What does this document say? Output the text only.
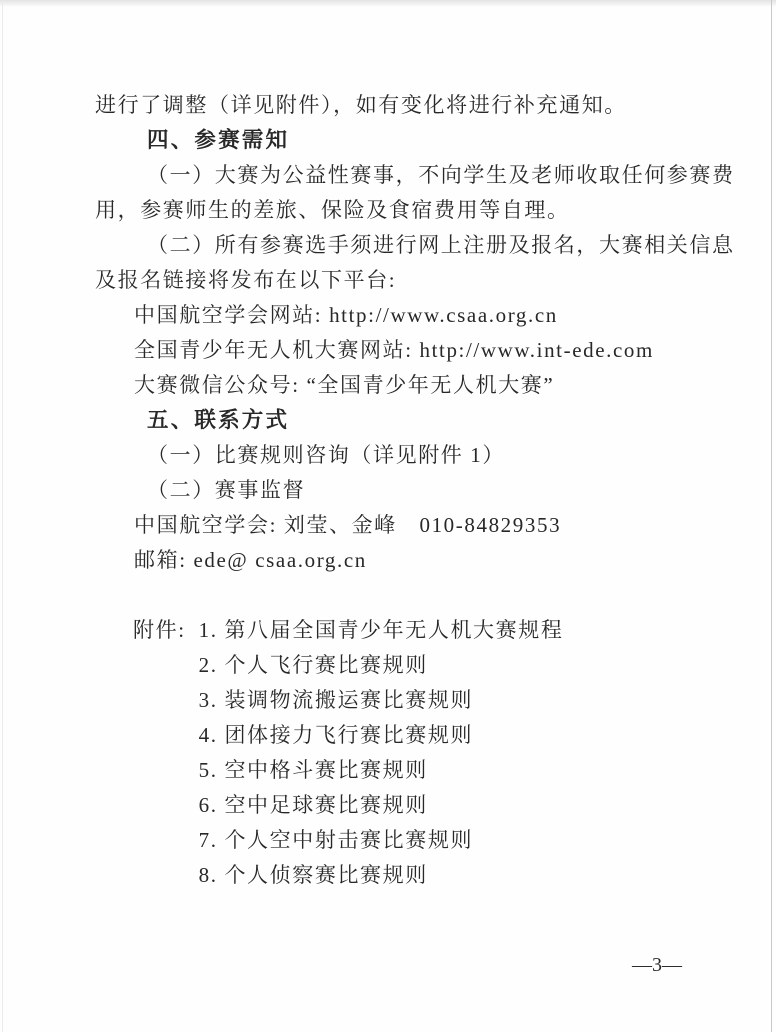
进行了调整（详见附件），如有变化将进行补充通知。

四、参赛需知

（一）大赛为公益性赛事，不向学生及老师收取任何参赛费

用，参赛师生的差旅、保险及食宿费用等自理。

（二）所有参赛选手须进行网上注册及报名，大赛相关信息

及报名链接将发布在以下平台:

中国航空学会网站: http://www.csaa.org.cn

全国青少年无人机大赛网站: http://www.int-ede.com

大赛微信公众号: “全国青少年无人机大赛”

五、联系方式

（一）比赛规则咨询（详见附件 1）

（二）赛事监督

中国航空学会: 刘莹、金峰　010-84829353

邮箱: ede@ csaa.org.cn

附件: 1. 第八届全国青少年无人机大赛规程

2. 个人飞行赛比赛规则

3. 装调物流搬运赛比赛规则

4. 团体接力飞行赛比赛规则

5. 空中格斗赛比赛规则

6. 空中足球赛比赛规则

7. 个人空中射击赛比赛规则

8. 个人侦察赛比赛规则

—3—
